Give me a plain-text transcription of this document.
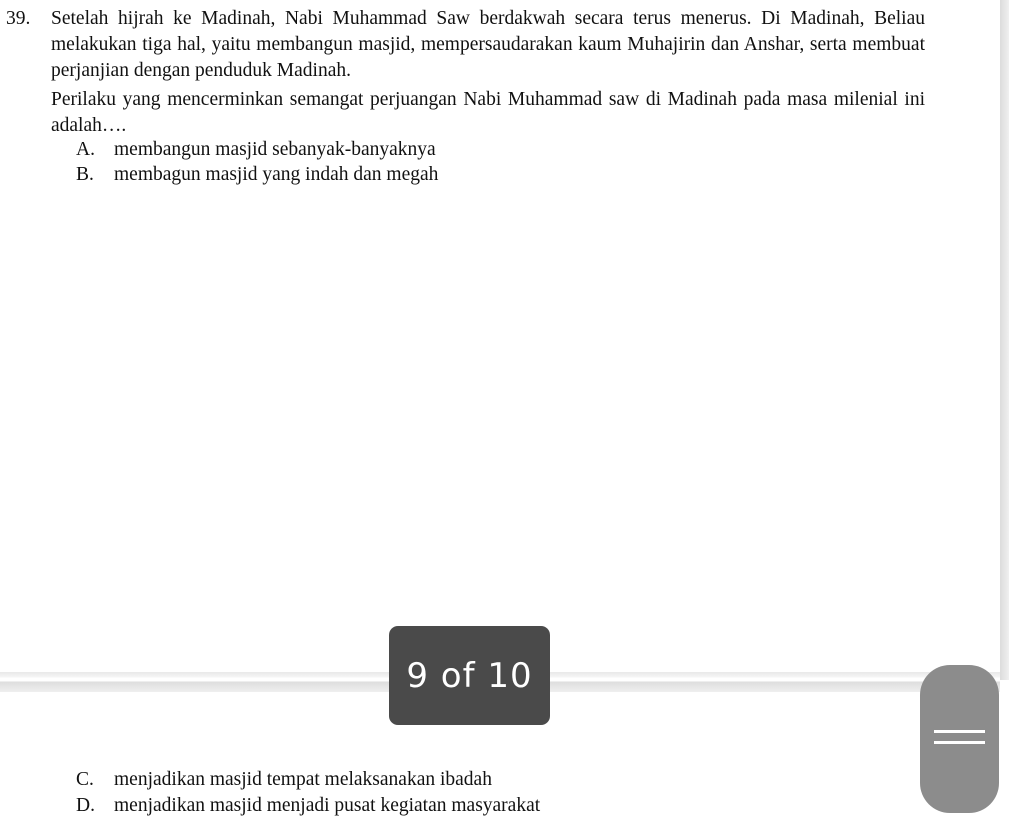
39. Setelah hijrah ke Madinah, Nabi Muhammad Saw berdakwah secara terus menerus. Di Madinah, Beliau melakukan tiga hal, yaitu membangun masjid, mempersaudarakan kaum Muhajirin dan Anshar, serta membuat perjanjian dengan penduduk Madinah.
Perilaku yang mencerminkan semangat perjuangan Nabi Muhammad saw di Madinah pada masa milenial ini adalah….
A. membangun masjid sebanyak-banyaknya
B. membagun masjid yang indah dan megah
C. menjadikan masjid tempat melaksanakan ibadah
D. menjadikan masjid menjadi pusat kegiatan masyarakat
9 of 10
